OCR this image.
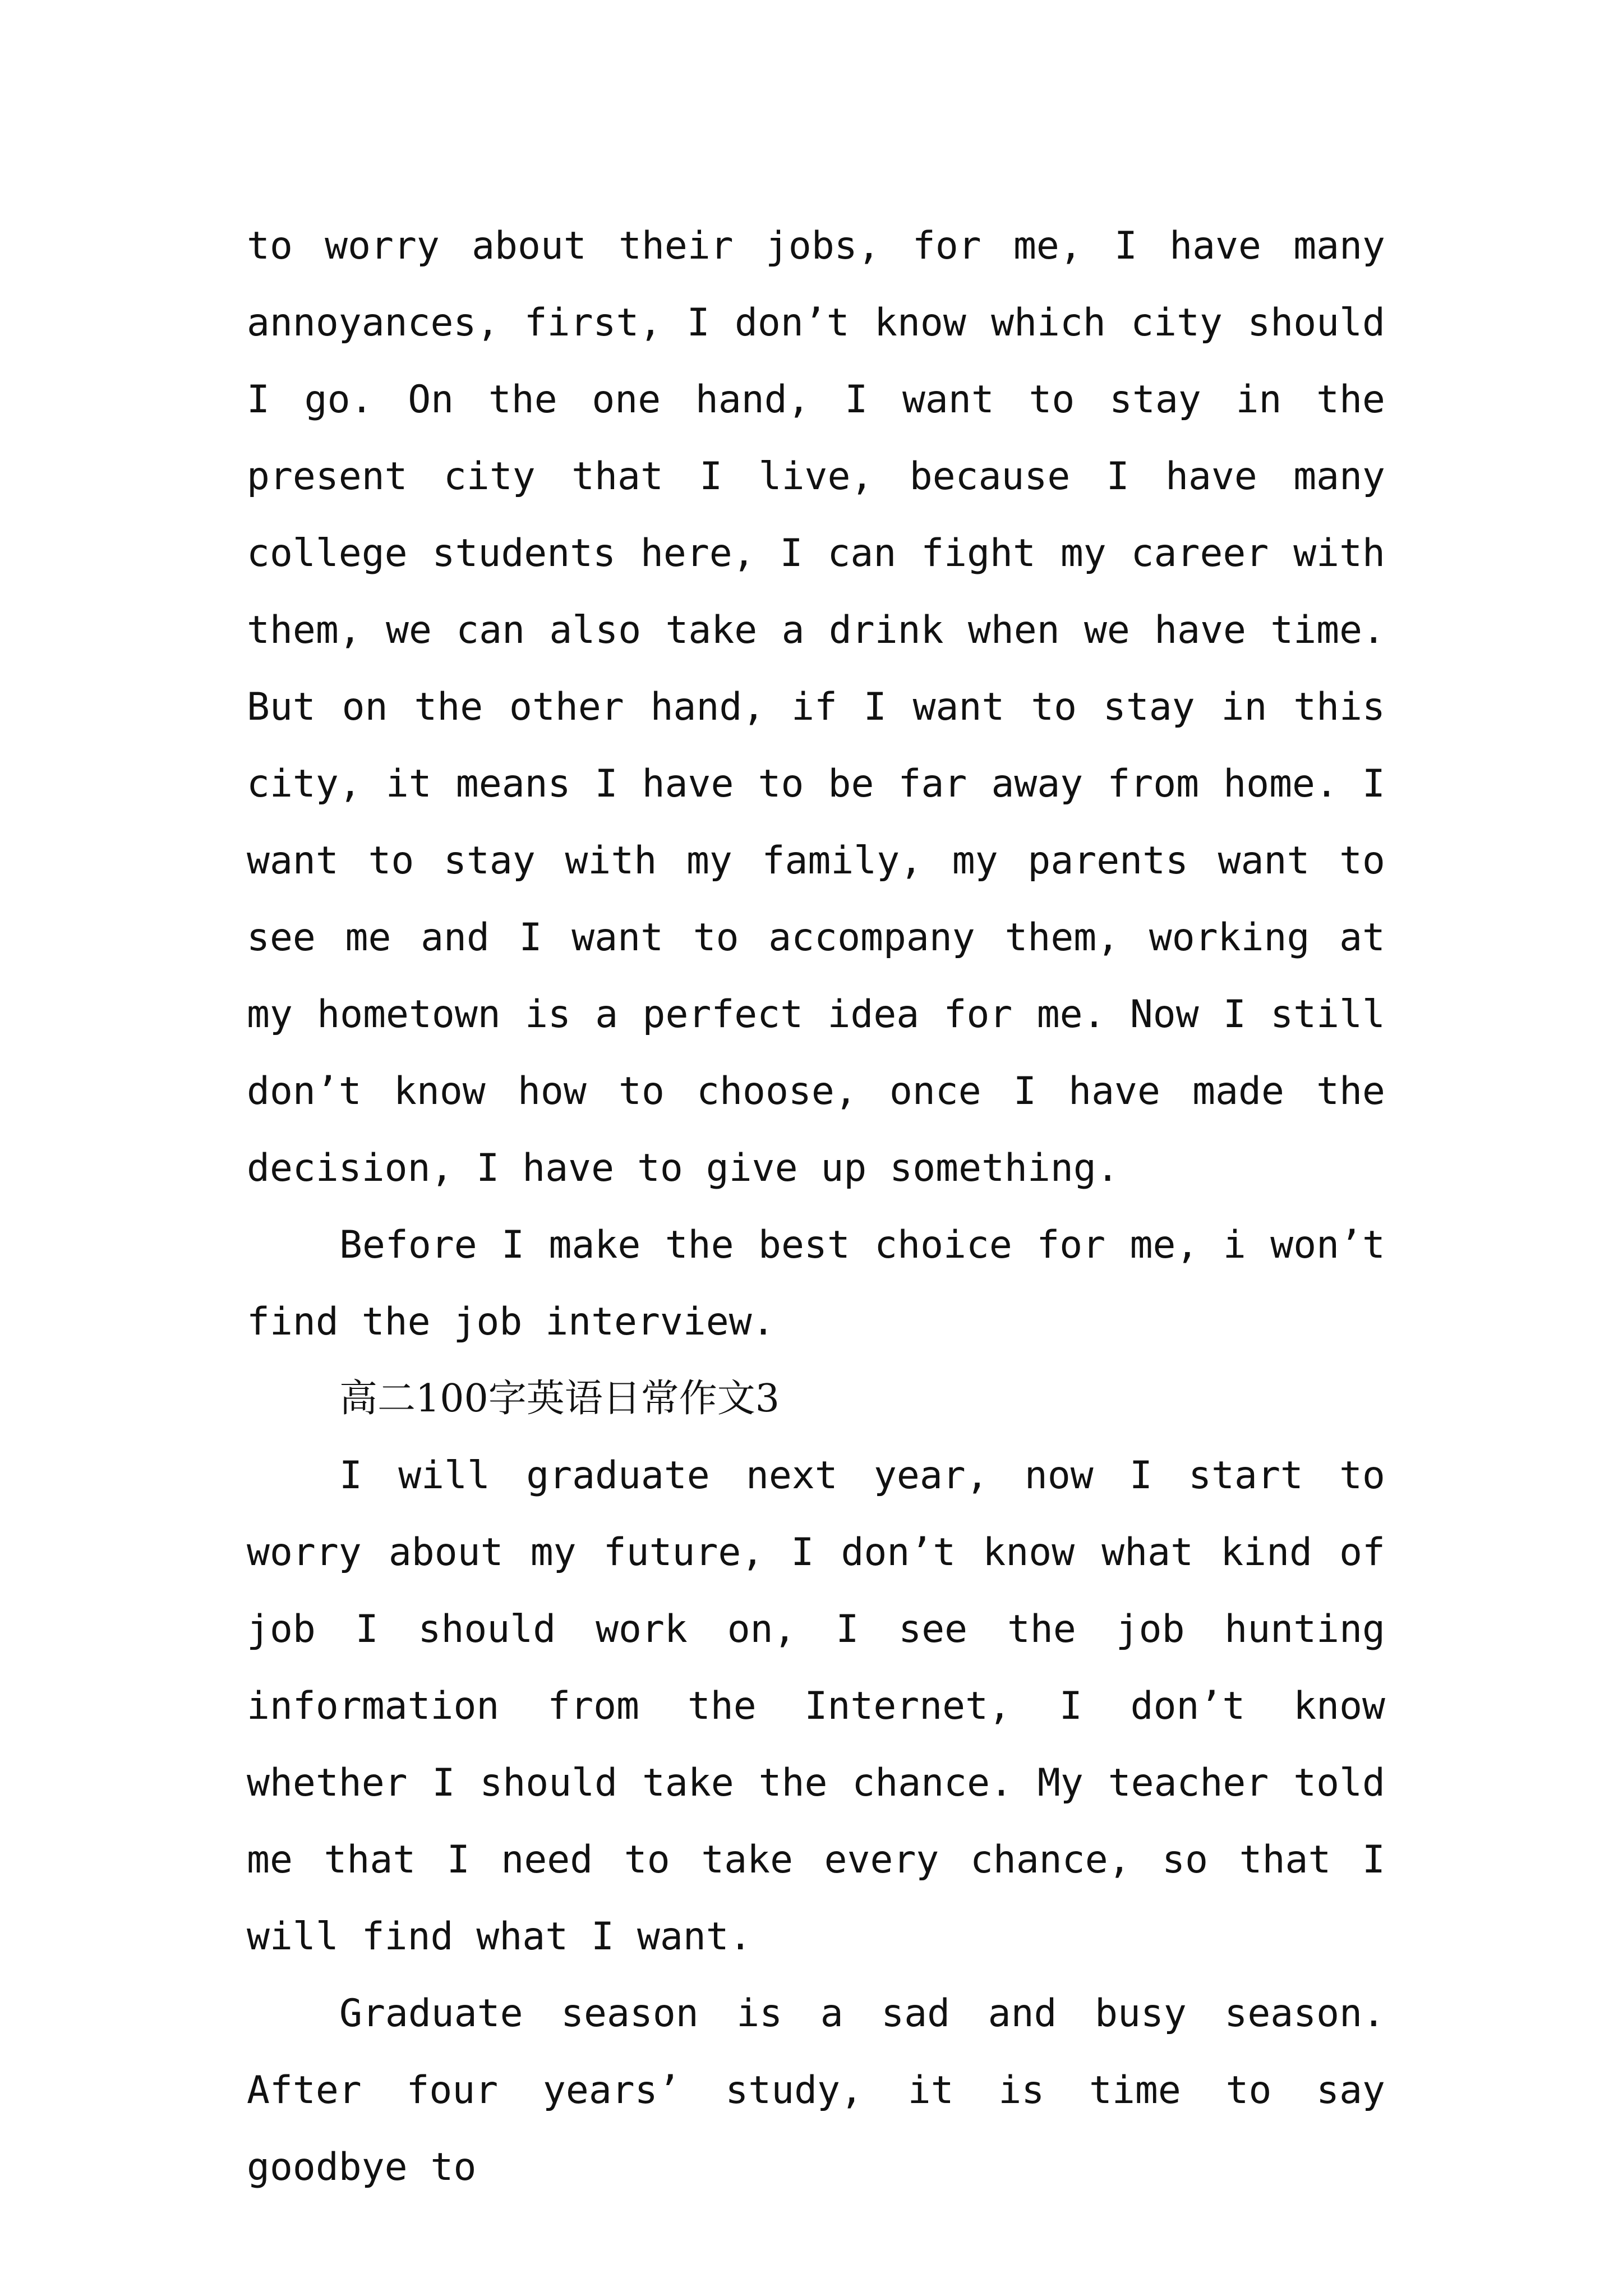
to worry about their jobs, for me, I have many annoyances, first, I don’t know which city should I go. On the one hand, I want to stay in the present city that I live, because I have many college students here, I can fight my career with them, we can also take a drink when we have time. But on the other hand, if I want to stay in this city, it means I have to be far away from home. I want to stay with my family, my parents want to see me and I want to accompany them, working at my hometown is a perfect idea for me. Now I still don’t know how to choose, once I have made the decision, I have to give up something.

Before I make the best choice for me, i won’t find the job interview.

高二100字英语日常作文3

I will graduate next year, now I start to worry about my future, I don’t know what kind of job I should work on, I see the job hunting information from the Internet, I don’t know whether I should take the chance. My teacher told me that I need to take every chance, so that I will find what I want.

Graduate season is a sad and busy season. After four years’ study, it is time to say goodbye to
